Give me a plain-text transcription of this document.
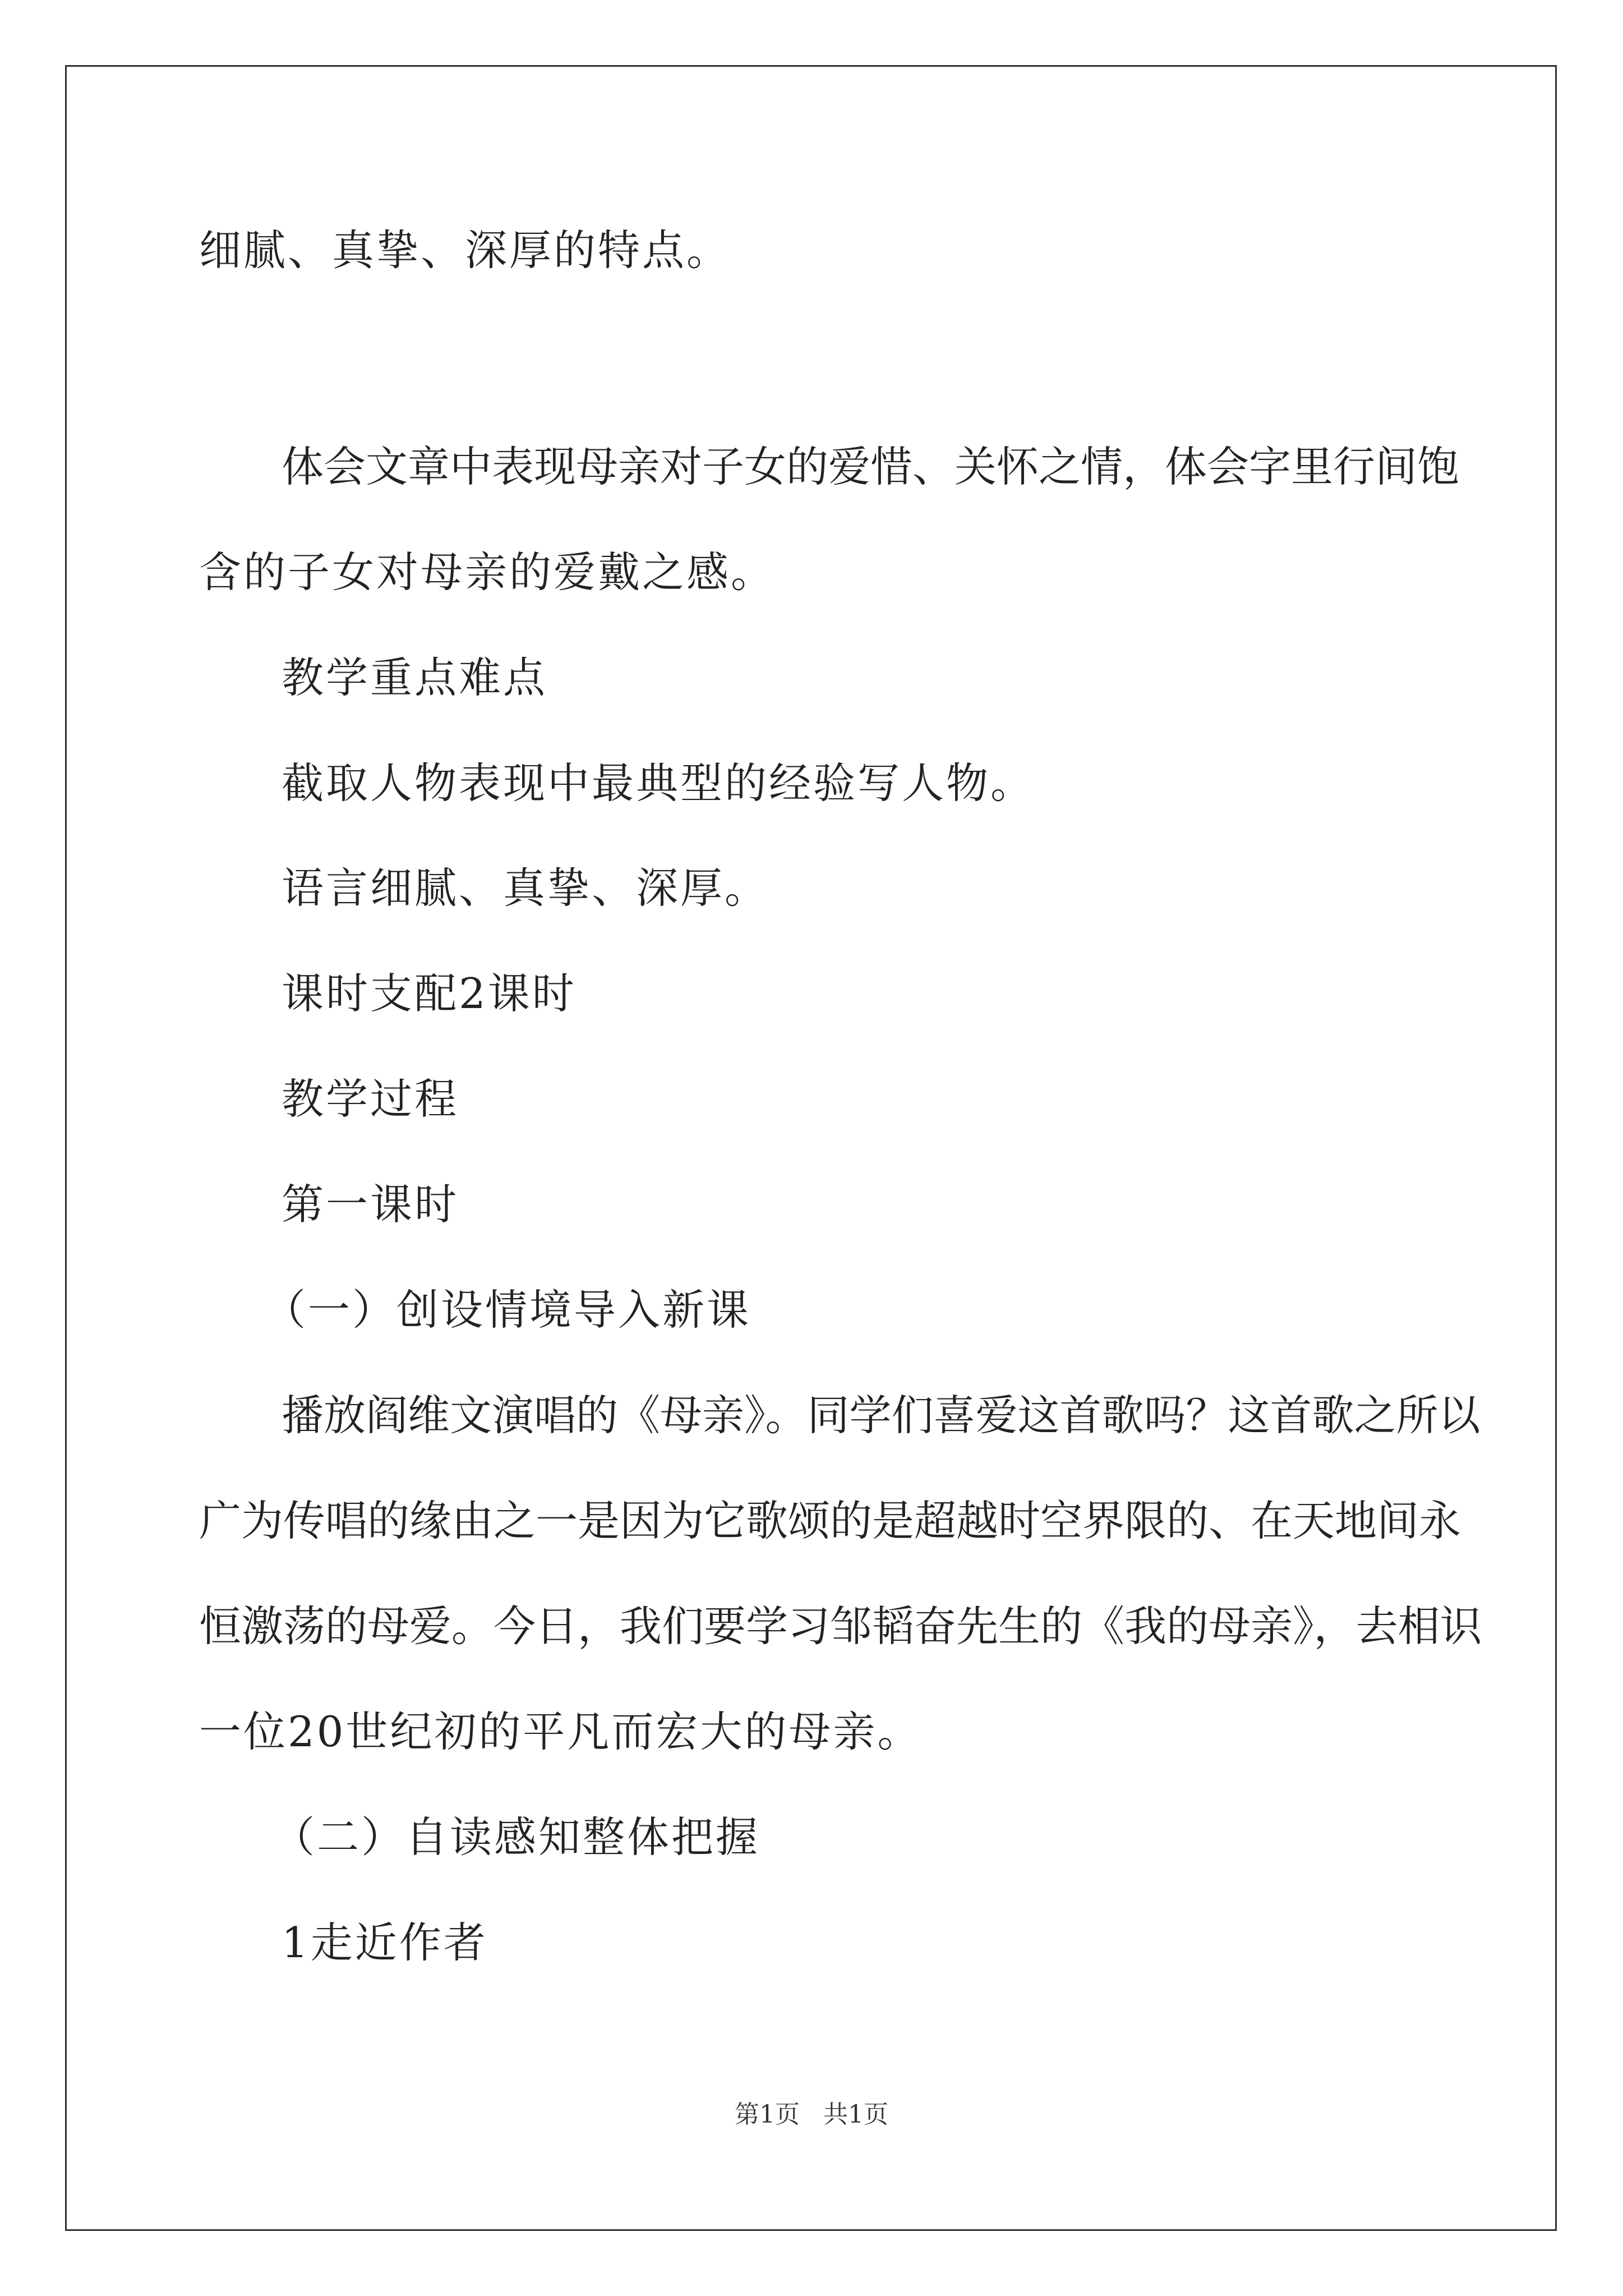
细腻、真挚、深厚的特点。
体会文章中表现母亲对子女的爱惜、关怀之情，体会字里行间饱
含的子女对母亲的爱戴之感。
教学重点难点
截取人物表现中最典型的经验写人物。
语言细腻、真挚、深厚。
课时支配2课时
教学过程
第一课时
（一）创设情境导入新课
播放阎维文演唱的《母亲》。同学们喜爱这首歌吗？这首歌之所以
广为传唱的缘由之一是因为它歌颂的是超越时空界限的、在天地间永
恒激荡的母爱。今日，我们要学习邹韬奋先生的《我的母亲》，去相识
一位20世纪初的平凡而宏大的母亲。
（二）自读感知整体把握
1走近作者
第1页 共1页
